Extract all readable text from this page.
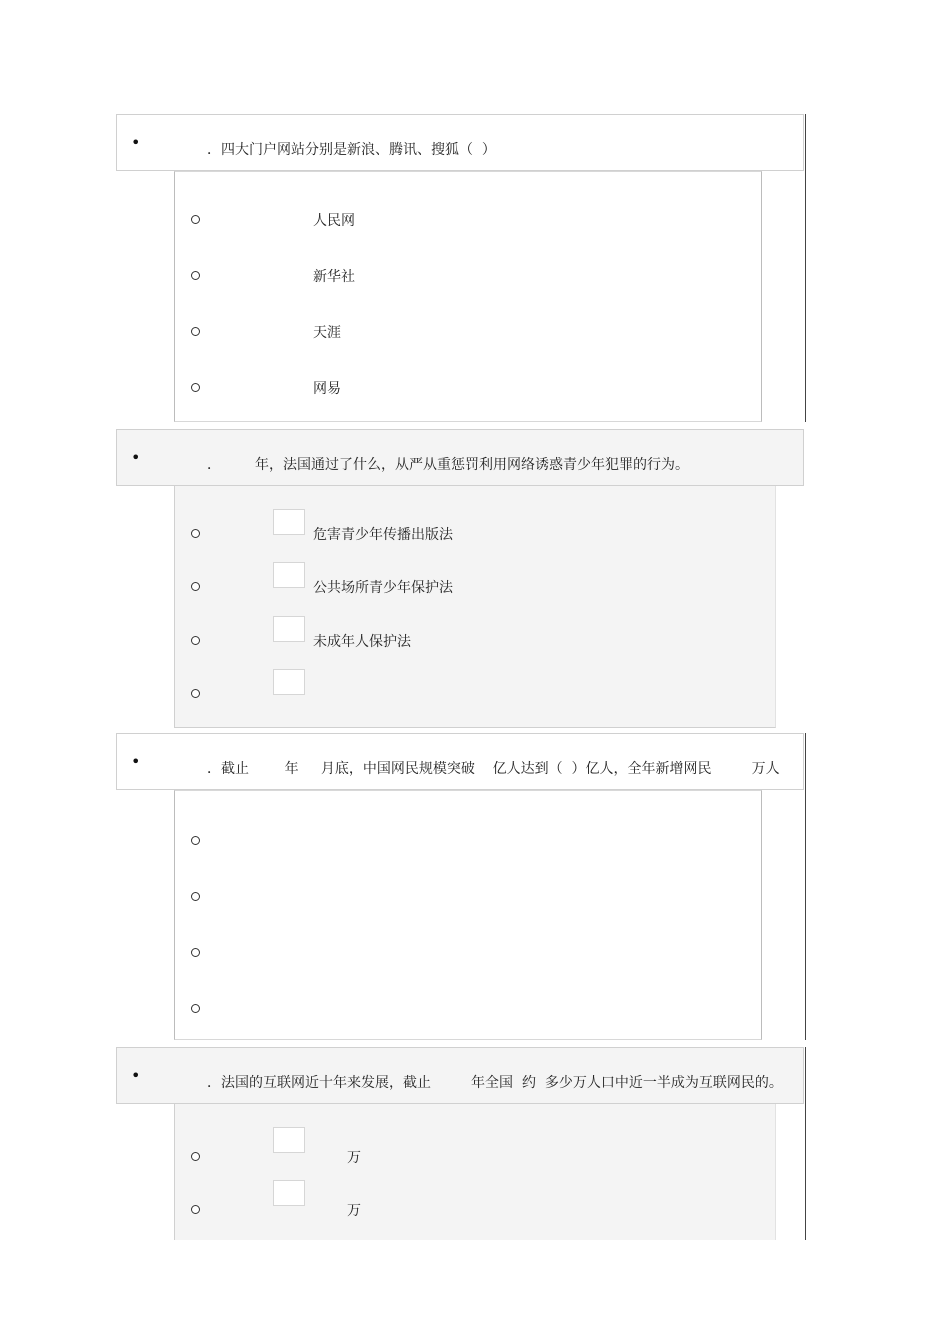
•	．四大门户网站分别是新浪、腾讯、搜狐（  ）
人民网
新华社
天涯
网易
•	． 年，法国通过了什么，从严从重惩罚利用网络诱惑青少年犯罪的行为。
危害青少年传播出版法
公共场所青少年保护法
未成年人保护法
•	．截止        年     月底，中国网民规模突破    亿人达到（  ）亿人，全年新增网民         万人
•	．法国的互联网近十年来发展，截止         年全国  约  多少万人口中近一半成为互联网民的。
万
万
